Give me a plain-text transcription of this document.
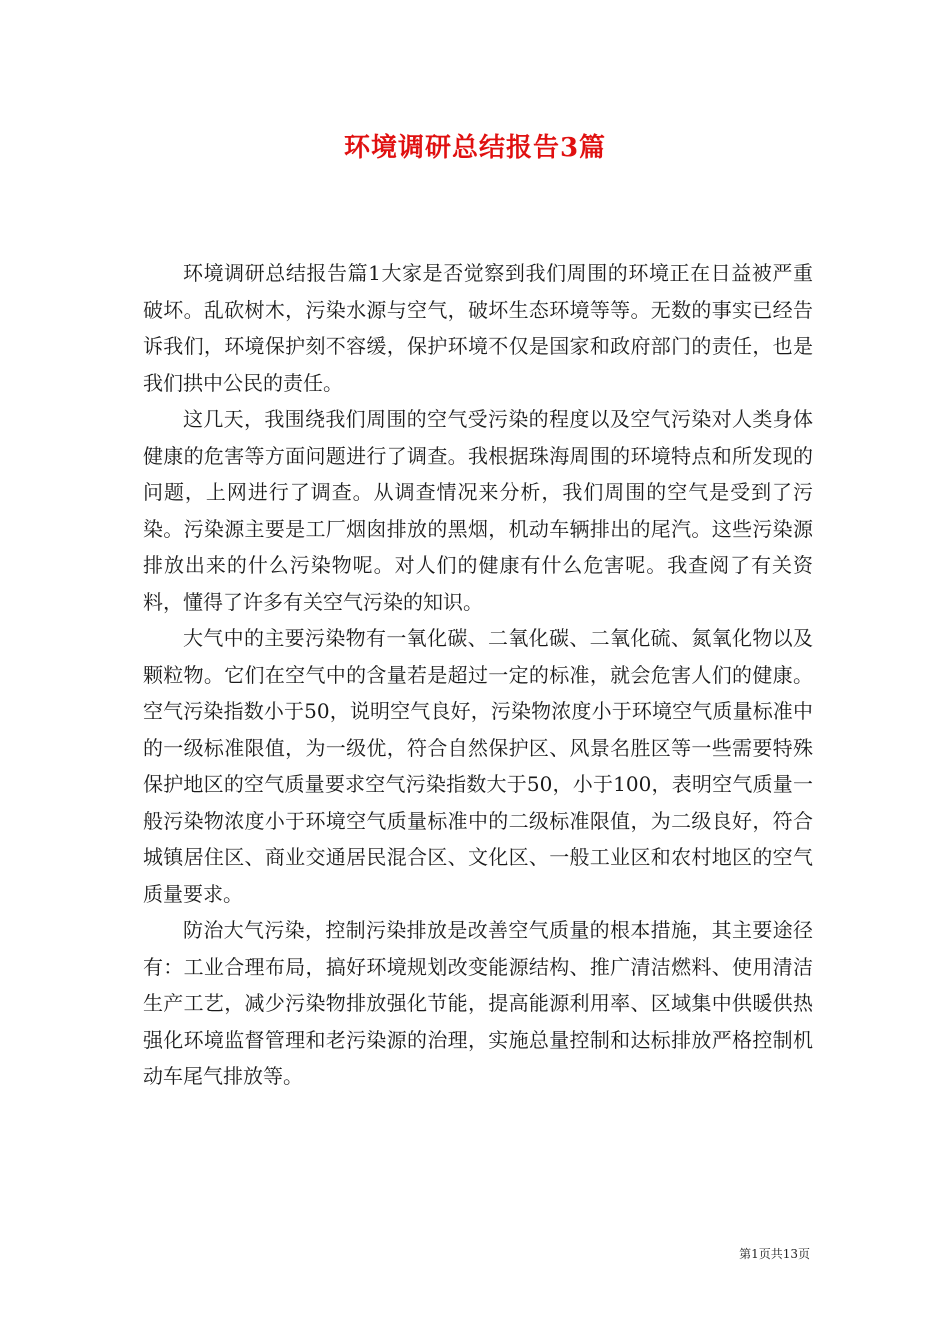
环境调研总结报告3篇

环境调研总结报告篇1大家是否觉察到我们周围的环境正在日益被严重破坏。乱砍树木，污染水源与空气，破坏生态环境等等。无数的事实已经告诉我们，环境保护刻不容缓，保护环境不仅是国家和政府部门的责任，也是我们拱中公民的责任。

这几天，我围绕我们周围的空气受污染的程度以及空气污染对人类身体健康的危害等方面问题进行了调查。我根据珠海周围的环境特点和所发现的问题，上网进行了调查。从调查情况来分析，我们周围的空气是受到了污染。污染源主要是工厂烟囱排放的黑烟，机动车辆排出的尾汽。这些污染源排放出来的什么污染物呢。对人们的健康有什么危害呢。我查阅了有关资料，懂得了许多有关空气污染的知识。

大气中的主要污染物有一氧化碳、二氧化碳、二氧化硫、氮氧化物以及颗粒物。它们在空气中的含量若是超过一定的标准，就会危害人们的健康。空气污染指数小于50，说明空气良好，污染物浓度小于环境空气质量标准中的一级标准限值，为一级优，符合自然保护区、风景名胜区等一些需要特殊保护地区的空气质量要求空气污染指数大于50，小于100，表明空气质量一般污染物浓度小于环境空气质量标准中的二级标准限值，为二级良好，符合城镇居住区、商业交通居民混合区、文化区、一般工业区和农村地区的空气质量要求。

防治大气污染，控制污染排放是改善空气质量的根本措施，其主要途径有：工业合理布局，搞好环境规划改变能源结构、推广清洁燃料、使用清洁生产工艺，减少污染物排放强化节能，提高能源利用率、区域集中供暖供热强化环境监督管理和老污染源的治理，实施总量控制和达标排放严格控制机动车尾气排放等。

第1页共13页
